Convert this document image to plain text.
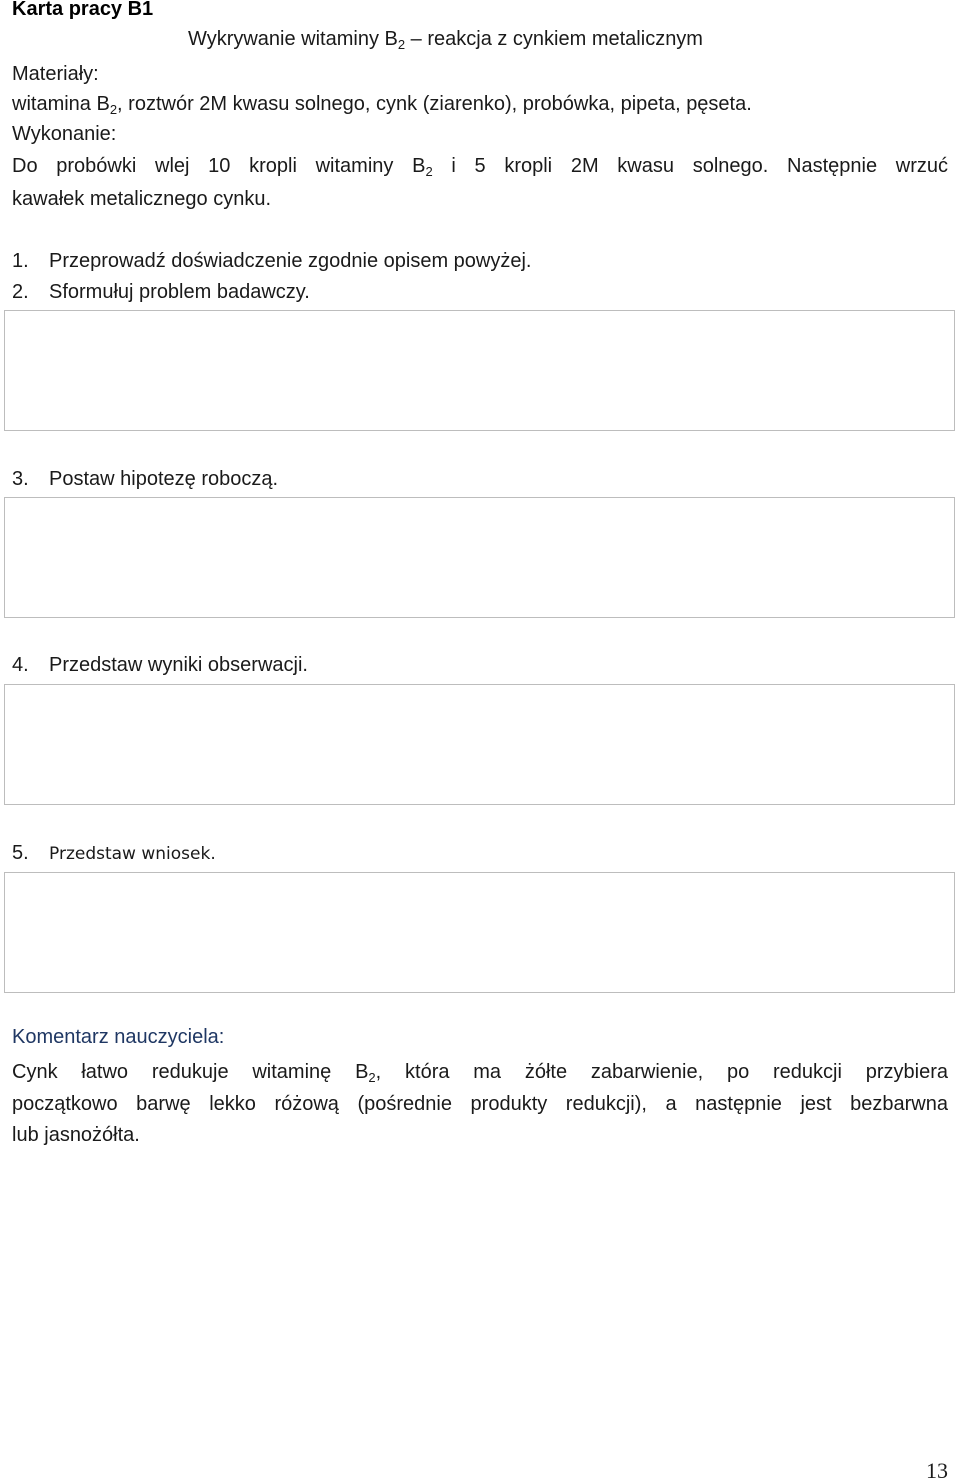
Karta pracy B1
Wykrywanie witaminy $B_2$ – reakcja z cynkiem metalicznym
Materiały:
witamina $B_2$, roztwór 2M kwasu solnego, cynk (ziarenko), probówka, pipeta, pęseta.
Wykonanie:
Do probówki wlej 10 kropli witaminy $B_2$ i 5 kropli 2M kwasu solnego. Następnie wrzuć
kawałek metalicznego cynku.
1. Przeprowadź doświadczenie zgodnie opisem powyżej.
2. Sformułuj problem badawczy.
3. Postaw hipotezę roboczą.
4. Przedstaw wyniki obserwacji.
5. Przedstaw wniosek.
Komentarz nauczyciela:
Cynk łatwo redukuje witaminę $B_2$, która ma żółte zabarwienie, po redukcji przybiera
początkowo barwę lekko różową (pośrednie produkty redukcji), a następnie jest bezbarwna
lub jasnożółta.
13
